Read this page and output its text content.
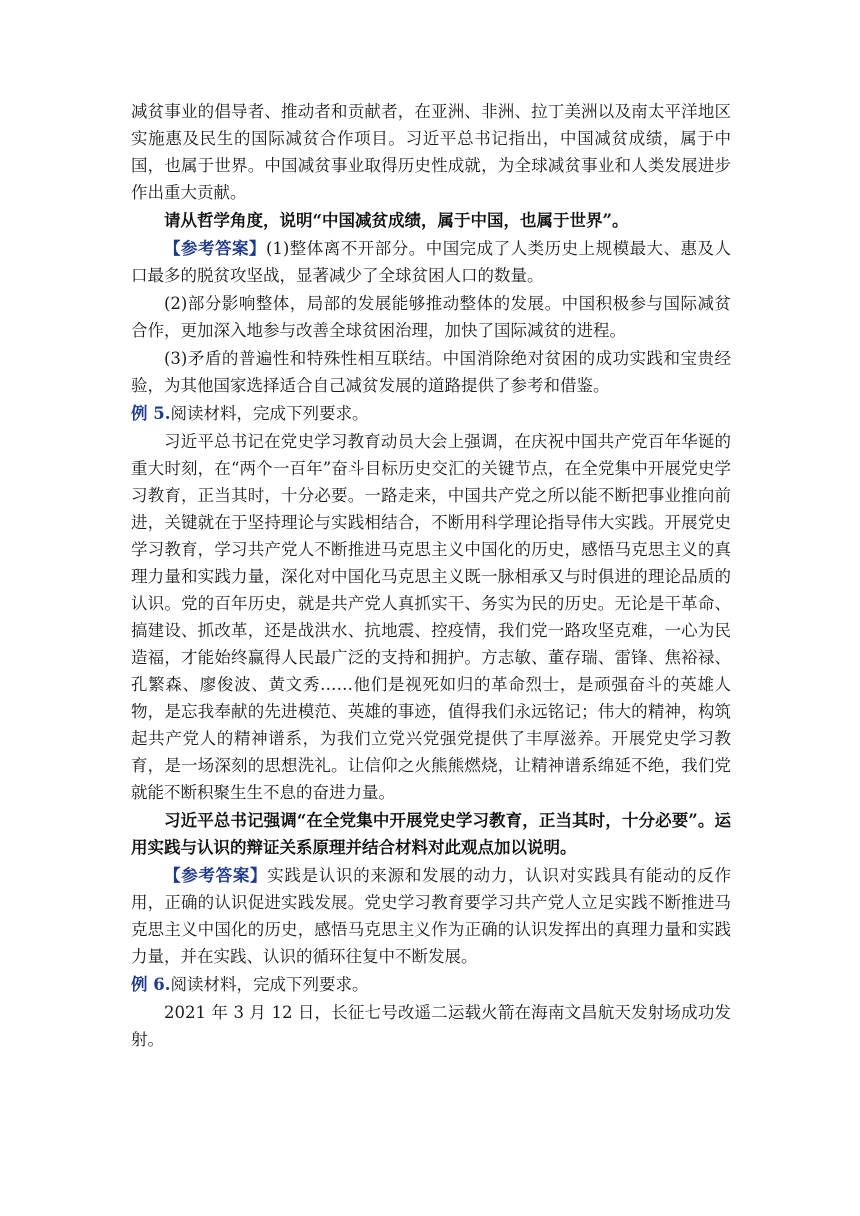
减贫事业的倡导者、推动者和贡献者，在亚洲、非洲、拉丁美洲以及南太平洋地区实施惠及民生的国际减贫合作项目。习近平总书记指出，中国减贫成绩，属于中国，也属于世界。中国减贫事业取得历史性成就，为全球减贫事业和人类发展进步作出重大贡献。

请从哲学角度，说明“中国减贫成绩，属于中国，也属于世界”。

【参考答案】(1)整体离不开部分。中国完成了人类历史上规模最大、惠及人口最多的脱贫攻坚战，显著减少了全球贫困人口的数量。

(2)部分影响整体，局部的发展能够推动整体的发展。中国积极参与国际减贫合作，更加深入地参与改善全球贫困治理，加快了国际减贫的进程。

(3)矛盾的普遍性和特殊性相互联结。中国消除绝对贫困的成功实践和宝贵经验，为其他国家选择适合自己减贫发展的道路提供了参考和借鉴。

例 5.阅读材料，完成下列要求。

习近平总书记在党史学习教育动员大会上强调，在庆祝中国共产党百年华诞的重大时刻，在“两个一百年”奋斗目标历史交汇的关键节点，在全党集中开展党史学习教育，正当其时，十分必要。一路走来，中国共产党之所以能不断把事业推向前进，关键就在于坚持理论与实践相结合，不断用科学理论指导伟大实践。开展党史学习教育，学习共产党人不断推进马克思主义中国化的历史，感悟马克思主义的真理力量和实践力量，深化对中国化马克思主义既一脉相承又与时俱进的理论品质的认识。党的百年历史，就是共产党人真抓实干、务实为民的历史。无论是干革命、搞建设、抓改革，还是战洪水、抗地震、控疫情，我们党一路攻坚克难，一心为民造福，才能始终赢得人民最广泛的支持和拥护。方志敏、董存瑞、雷锋、焦裕禄、孔繁森、廖俊波、黄文秀……他们是视死如归的革命烈士，是顽强奋斗的英雄人物，是忘我奉献的先进模范、英雄的事迹，值得我们永远铭记；伟大的精神，构筑起共产党人的精神谱系，为我们立党兴党强党提供了丰厚滋养。开展党史学习教育，是一场深刻的思想洗礼。让信仰之火熊熊燃烧，让精神谱系绵延不绝，我们党就能不断积聚生生不息的奋进力量。

习近平总书记强调“在全党集中开展党史学习教育，正当其时，十分必要”。运用实践与认识的辩证关系原理并结合材料对此观点加以说明。

【参考答案】实践是认识的来源和发展的动力，认识对实践具有能动的反作用，正确的认识促进实践发展。党史学习教育要学习共产党人立足实践不断推进马克思主义中国化的历史，感悟马克思主义作为正确的认识发挥出的真理力量和实践力量，并在实践、认识的循环往复中不断发展。

例 6.阅读材料，完成下列要求。

2021 年 3 月 12 日，长征七号改遥二运载火箭在海南文昌航天发射场成功发射。
